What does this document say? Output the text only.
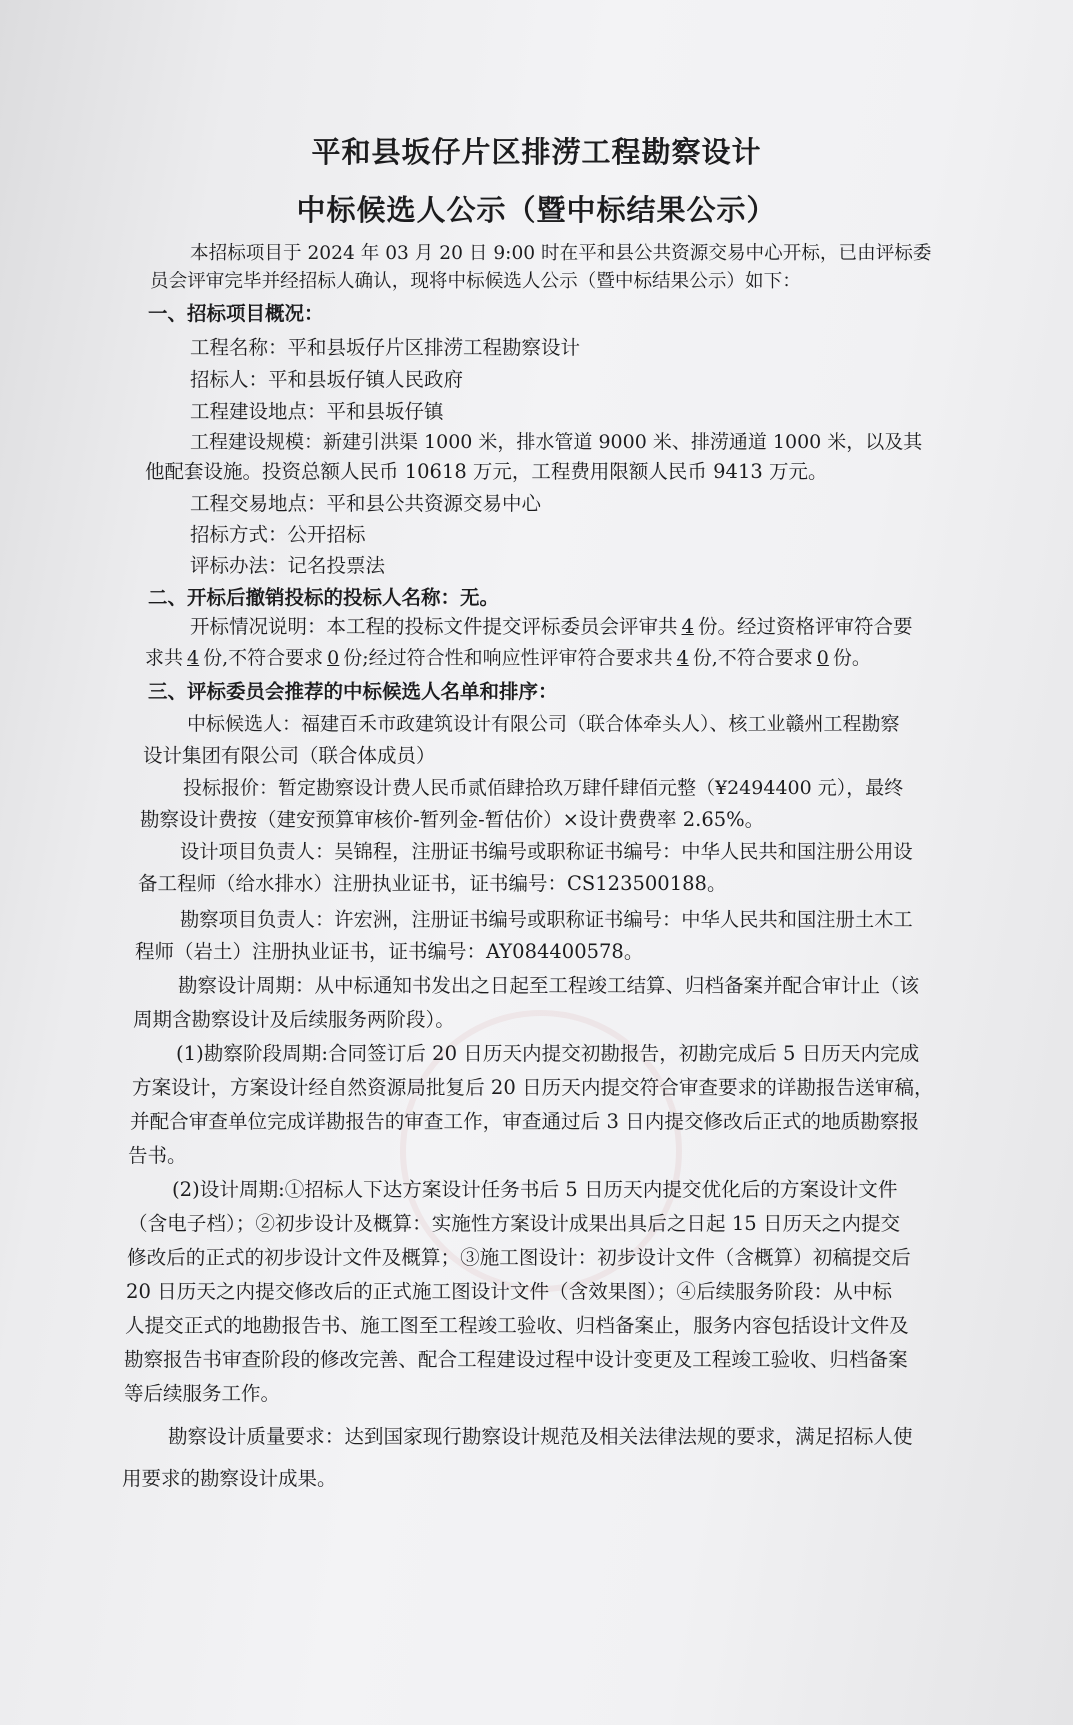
平和县坂仔片区排涝工程勘察设计
中标候选人公示（暨中标结果公示）
本招标项目于 2024 年 03 月 20 日 9:00 时在平和县公共资源交易中心开标，已由评标委
员会评审完毕并经招标人确认，现将中标候选人公示（暨中标结果公示）如下：
一、招标项目概况：
工程名称：平和县坂仔片区排涝工程勘察设计
招标人：平和县坂仔镇人民政府
工程建设地点：平和县坂仔镇
工程建设规模：新建引洪渠 1000 米，排水管道 9000 米、排涝通道 1000 米，以及其
他配套设施。投资总额人民币 10618 万元，工程费用限额人民币 9413 万元。
工程交易地点：平和县公共资源交易中心
招标方式：公开招标
评标办法：记名投票法
二、开标后撤销投标的投标人名称：无。
开标情况说明：本工程的投标文件提交评标委员会评审共 4 份。经过资格评审符合要
求共 4 份,不符合要求 0 份;经过符合性和响应性评审符合要求共 4 份,不符合要求 0 份。
三、评标委员会推荐的中标候选人名单和排序：
中标候选人：福建百禾市政建筑设计有限公司（联合体牵头人）、核工业赣州工程勘察
设计集团有限公司（联合体成员）
投标报价：暂定勘察设计费人民币贰佰肆拾玖万肆仟肆佰元整（¥2494400 元），最终
勘察设计费按（建安预算审核价-暂列金-暂估价）×设计费费率 2.65%。
设计项目负责人：吴锦程，注册证书编号或职称证书编号：中华人民共和国注册公用设
备工程师（给水排水）注册执业证书，证书编号：CS123500188。
勘察项目负责人：许宏洲，注册证书编号或职称证书编号：中华人民共和国注册土木工
程师（岩土）注册执业证书，证书编号：AY084400578。
勘察设计周期：从中标通知书发出之日起至工程竣工结算、归档备案并配合审计止（该
周期含勘察设计及后续服务两阶段）。
(1)勘察阶段周期:合同签订后 20 日历天内提交初勘报告，初勘完成后 5 日历天内完成
方案设计，方案设计经自然资源局批复后 20 日历天内提交符合审查要求的详勘报告送审稿，
并配合审查单位完成详勘报告的审查工作，审查通过后 3 日内提交修改后正式的地质勘察报
告书。
(2)设计周期:①招标人下达方案设计任务书后 5 日历天内提交优化后的方案设计文件
（含电子档）；②初步设计及概算：实施性方案设计成果出具后之日起 15 日历天之内提交
修改后的正式的初步设计文件及概算；③施工图设计：初步设计文件（含概算）初稿提交后
20 日历天之内提交修改后的正式施工图设计文件（含效果图）；④后续服务阶段：从中标
人提交正式的地勘报告书、施工图至工程竣工验收、归档备案止，服务内容包括设计文件及
勘察报告书审查阶段的修改完善、配合工程建设过程中设计变更及工程竣工验收、归档备案
等后续服务工作。
勘察设计质量要求：达到国家现行勘察设计规范及相关法律法规的要求，满足招标人使
用要求的勘察设计成果。
